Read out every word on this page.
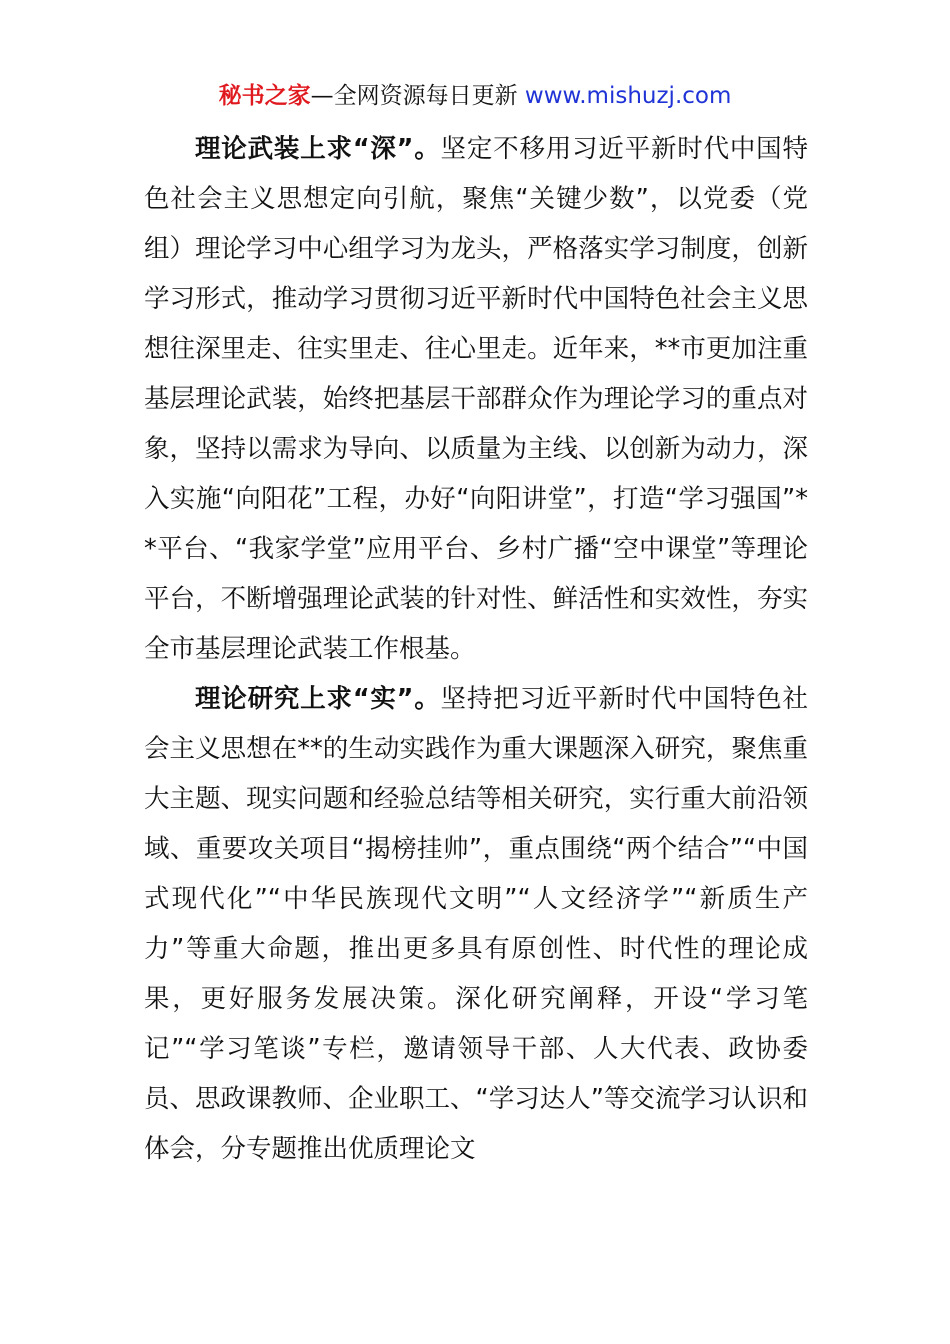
秘书之家—全网资源每日更新 www.mishuzj.com

理论武装上求“深”。坚定不移用习近平新时代中国特色社会主义思想定向引航，聚焦“关键少数”，以党委（党组）理论学习中心组学习为龙头，严格落实学习制度，创新学习形式，推动学习贯彻习近平新时代中国特色社会主义思想往深里走、往实里走、往心里走。近年来，**市更加注重基层理论武装，始终把基层干部群众作为理论学习的重点对象，坚持以需求为导向、以质量为主线、以创新为动力，深入实施“向阳花”工程，办好“向阳讲堂”，打造“学习强国”**平台、“我家学堂”应用平台、乡村广播“空中课堂”等理论平台，不断增强理论武装的针对性、鲜活性和实效性，夯实全市基层理论武装工作根基。

理论研究上求“实”。坚持把习近平新时代中国特色社会主义思想在**的生动实践作为重大课题深入研究，聚焦重大主题、现实问题和经验总结等相关研究，实行重大前沿领域、重要攻关项目“揭榜挂帅”，重点围绕“两个结合”“中国式现代化”“中华民族现代文明”“人文经济学”“新质生产力”等重大命题，推出更多具有原创性、时代性的理论成果，更好服务发展决策。深化研究阐释，开设“学习笔记”“学习笔谈”专栏，邀请领导干部、人大代表、政协委员、思政课教师、企业职工、“学习达人”等交流学习认识和体会，分专题推出优质理论文
